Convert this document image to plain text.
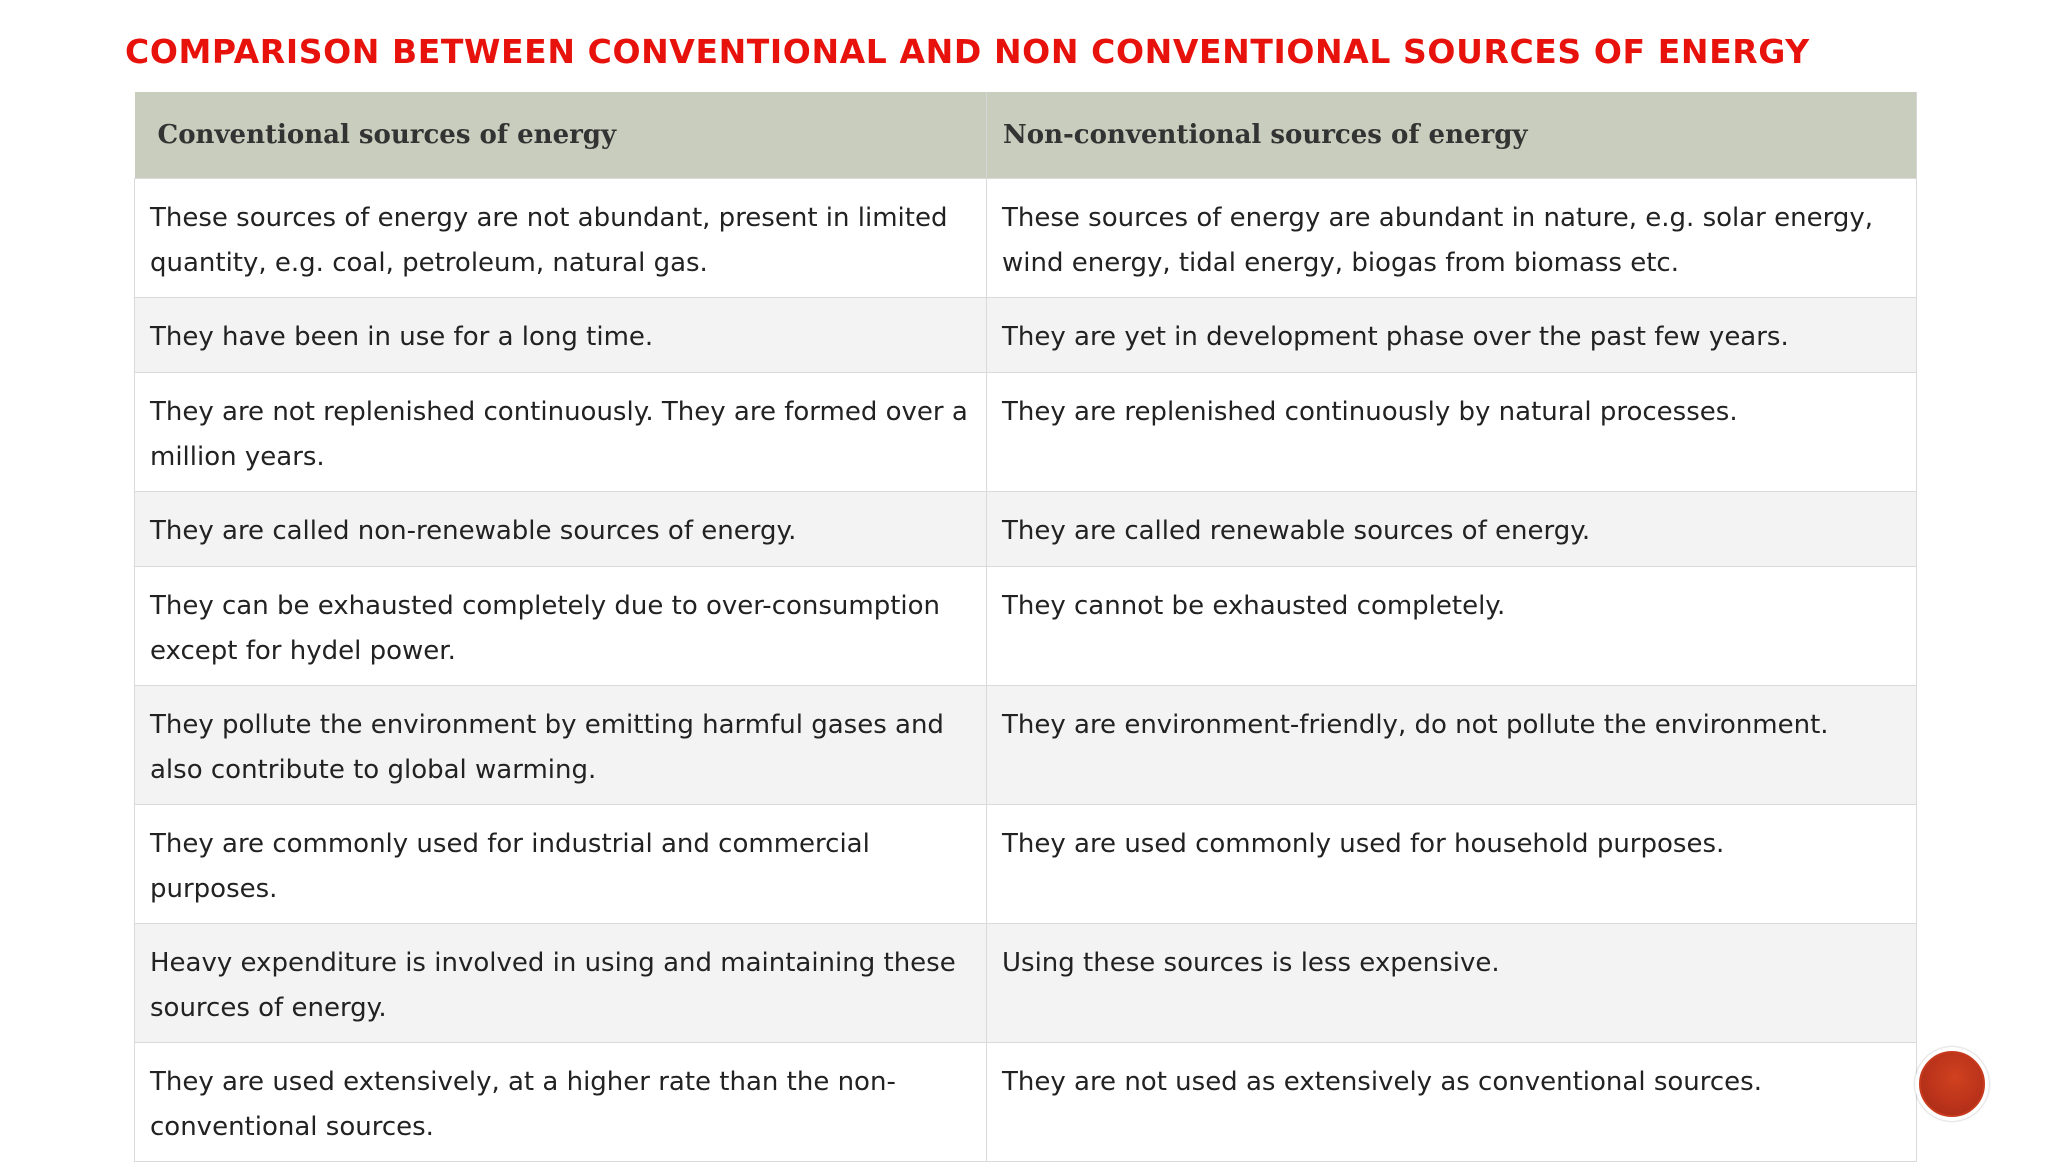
COMPARISON BETWEEN CONVENTIONAL AND NON CONVENTIONAL SOURCES OF ENERGY
Conventional sources of energy	Non-conventional sources of energy
These sources of energy are not abundant, present in limited quantity, e.g. coal, petroleum, natural gas.	These sources of energy are abundant in nature, e.g. solar energy, wind energy, tidal energy, biogas from biomass etc.
They have been in use for a long time.	They are yet in development phase over the past few years.
They are not replenished continuously. They are formed over a million years.	They are replenished continuously by natural processes.
They are called non-renewable sources of energy.	They are called renewable sources of energy.
They can be exhausted completely due to over-consumption except for hydel power.	They cannot be exhausted completely.
They pollute the environment by emitting harmful gases and also contribute to global warming.	They are environment-friendly, do not pollute the environment.
They are commonly used for industrial and commercial purposes.	They are used commonly used for household purposes.
Heavy expenditure is involved in using and maintaining these sources of energy.	Using these sources is less expensive.
They are used extensively, at a higher rate than the non-conventional sources.	They are not used as extensively as conventional sources.
